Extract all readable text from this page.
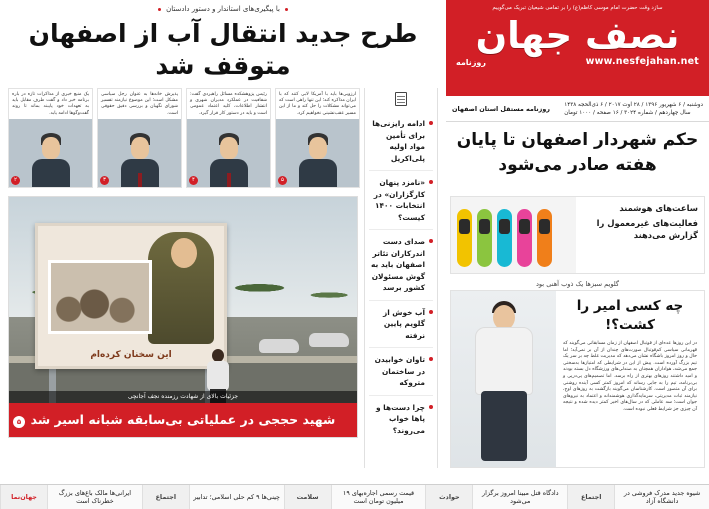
سازد وقت حضرت امام موسی کاظم(ع) را بر تمامی شیعیان تبریک می‌گوییم
نصف جهان
www.nesfejahan.net
روزنامه
دوشنبه / ۶ شهریور ۱۳۹۶ / ۲۸ اوت ۲۰۱۷ / ۶ ذی‌الحجه ۱۴۳۸
سال چهاردهم / شماره ۳۰۲۴ / ۱۶ صفحه / ۱۰۰۰ تومان
روزنامه مستقل استان اصفهان
با پیگیری‌های استاندار و دستور دادستان
طرح جدید انتقال آب از اصفهان متوقف شد
ارزویی‌ها باید با آمریکا لابی کنند که با ایران مذاکره کند؛ این تنها راهی است که می‌تواند مشکلات را حل کند و ما از این مسیر عقب‌نشینی نخواهیم کرد.
۵
رئیس پژوهشکده مسائل راهبردی گفت: شفافیت در عملکرد مدیران شهری و انتشار اطلاعات، کلید اعتماد عمومی است و باید در دستور کار قرار گیرد.
۴
پذیرش خانه‌ها به عنوان رجل سیاسی مشکل است؛ این موضوع نیازمند تفسیر شورای نگهبان و بررسی دقیق حقوقی است.
۳
یک منبع خبری از مذاکرات تازه در باره برنامه خبر داد و گفت طرف مقابل باید به تعهدات خود پایبند بماند تا روند گفت‌وگوها ادامه یابد.
۲
ادامه رایزنی‌ها برای تأمین مواد اولیه پلی‌اکریل
«نامزد پنهان کارگزاران» در انتخابات ۱۴۰۰ کیست؟
صدای دست اندرکاران تئاتر اصفهان باید به گوش مسئولان کشور برسد
آب خوش از گلویم پایین نرفته
تاوان خوابیدن در ساختمان متروکه
چرا دست‌ها و پاها خواب می‌روند؟
این سخنان کرده‌ام
جزئیات بالای از شهادت رزمنده نجف آجانچی
شهید حججی در عملیاتی بی‌سابقه شبانه اسیر شد
۵
حکم شهردار اصفهان تا پایان هفته صادر می‌شود
ساعت‌های هوشمند
فعالیت‌های غیرمعمول را گزارش می‌دهند
گلویم سبزها یک ذوب آهنی بود
چه کسی امیر را کشت؟!
در این روزها عده‌ای از فوتبال اصفهان از زمان مسابقاتی می‌گویند که قهرمانی سیاسی کم‌فوتبال صورت‌های چندان از آن بر نمی‌آید؛ اما حال و روز امروز باشگاه نشان می‌دهد که مدیریت غلط چه بر سر یک تیم بزرگ آورده است. پیش از این در شرایطی که امتیازها به‌سختی جمع می‌شد، هواداران همچنان به صندلی‌های ورزشگاه دل بسته بودند و امید داشتند روزهای بهتری از راه برسد. اما تصمیم‌های پی‌در‌پی و بی‌برنامه، تیم را به جایی رساند که امروز کمتر کسی آینده روشنی برای آن متصور است. کارشناسان می‌گویند بازگشت به روزهای اوج، نیازمند ثبات مدیریتی، سرمایه‌گذاری هوشمندانه و اعتماد به نیروهای جوان است؛ سه عاملی که در سال‌های اخیر کمتر دیده شده و نتیجه آن چیزی جز شرایط فعلی نبوده است.
جهان‌نما	ایرانی‌ها مالک باغ‌های بزرگ خطرناک است	اجتماع	چینی‌ها ۹ کم حلی اسلامی؛ تدابیر	سلامت	قیمت رسمی اجاره‌بهای ۱۹ میلیون تومان است	حوادث	دادگاه قتل مبینا امروز برگزار می‌شود	اجتماع	شیوه جدید مدرک فروشی در دانشگاه آزاد
